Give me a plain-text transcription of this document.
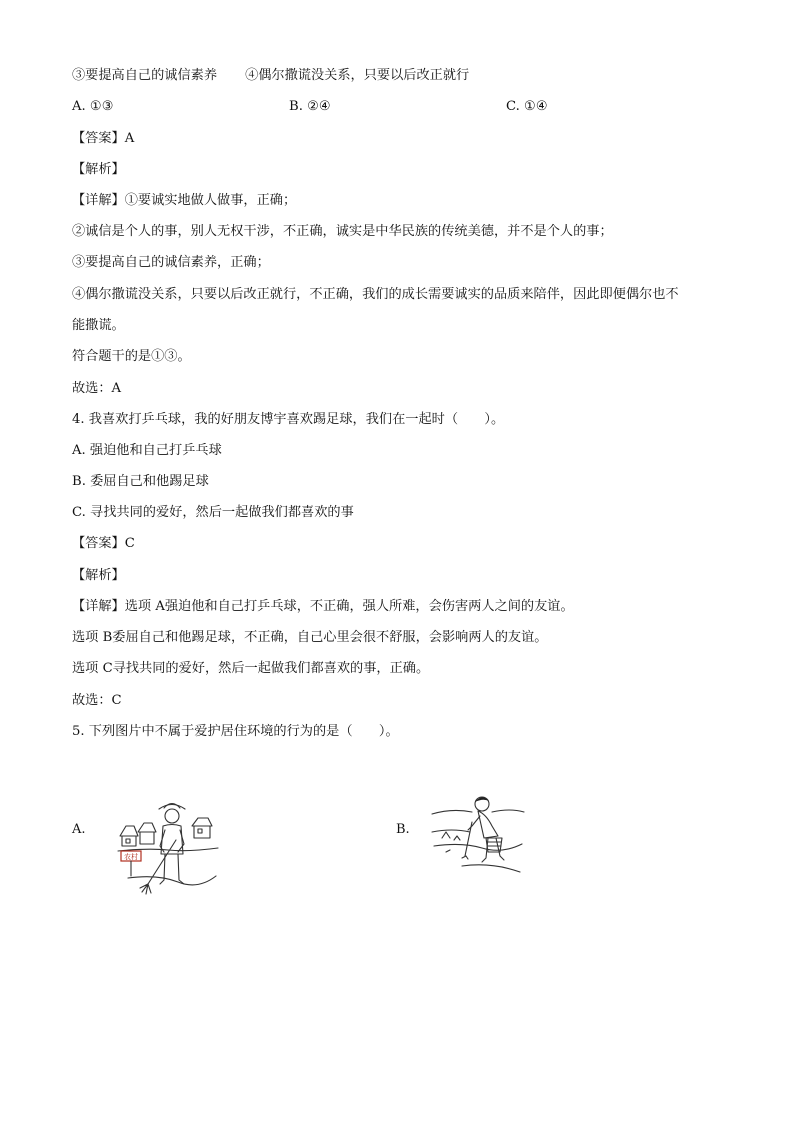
③要提高自己的诚信素养 ④偶尔撒谎没关系，只要以后改正就行
A. ①③	B. ②④	C. ①④
【答案】A
【解析】
【详解】①要诚实地做人做事，正确；
②诚信是个人的事，别人无权干涉，不正确，诚实是中华民族的传统美德，并不是个人的事；
③要提高自己的诚信素养，正确；
④偶尔撒谎没关系，只要以后改正就行，不正确，我们的成长需要诚实的品质来陪伴，因此即便偶尔也不
能撒谎。
符合题干的是①③。
故选：A
4. 我喜欢打乒乓球，我的好朋友博宇喜欢踢足球，我们在一起时（　　）。
A. 强迫他和自己打乒乓球
B. 委屈自己和他踢足球
C. 寻找共同的爱好，然后一起做我们都喜欢的事
【答案】C
【解析】
【详解】选项 A强迫他和自己打乒乓球，不正确，强人所难，会伤害两人之间的友谊。
选项 B委屈自己和他踢足球，不正确，自己心里会很不舒服，会影响两人的友谊。
选项 C寻找共同的爱好，然后一起做我们都喜欢的事，正确。
故选：C
5. 下列图片中不属于爱护居住环境的行为的是（　　）。
A.
农村
B.
